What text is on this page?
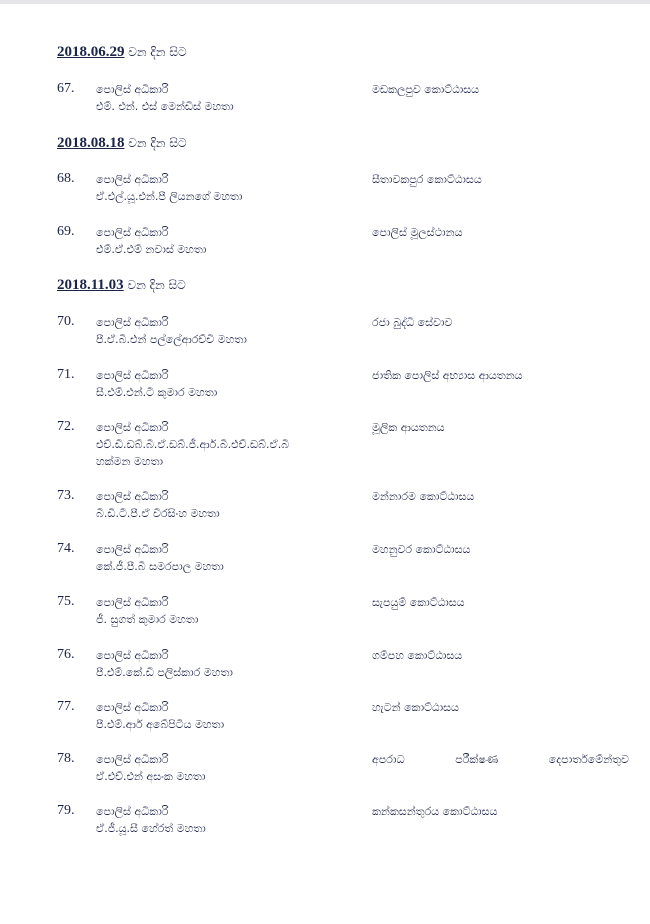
2018.06.29 වන දින සිට
2018.08.18 වන දින සිට
2018.11.03 වන දින සිට
67. පොලිස් අධිකාරි
එම්. එන්. එස් මෙන්ඩිස් මහතා
මඩකලපුව කොට්ඨාසය
68. පොලිස් අධිකාරි
ඒ.එල්.යූ.එන්.පී ලියනගේ මහතා
සීතාවකපුර කොට්ඨාසය
69. පොලිස් අධිකාරි
එම්.ඒ.එම් නවාස් මහතා
පොලිස් මූලස්ථානය
70. පොලිස් අධිකාරි
පී.ඒ.බී.එන් පල්ලේආරච්චි මහතා
රජා බුද්ධි සේවාව
71. පොලිස් අධිකාරි
සී.එම්.එන්.ටී කුමාර මහතා
ජාතික පොලිස් අභ්‍යාස ආයතනය
72. පොලිස් අධිකාරි
එච්.ඩී.ඩබ්.බී.ඒ.ඩබ්.ජී.ආර්.බී.එච්.ඩබ්.ඒ.බී
හක්මන මහතා
මූලික ආයතනය
73. පොලිස් අධිකාරි
බී.ඩී.ටී.පී.ඒ වීරසිංහ මහතා
මන්නාරම කොට්ඨාසය
74. පොලිස් අධිකාරි
කේ.ජී.පී.බී සමරපාල මහතා
මහනුවර කොට්ඨාසය
75. පොලිස් අධිකාරි
ජී. සුගත් කුමාර මහතා
සැපයුම් කොට්ඨාසය
76. පොලිස් අධිකාරි
පී.එම්.කේ.ඩී පලිස්කාර මහතා
ගම්පහ කොට්ඨාසය
77. පොලිස් අධිකාරි
පී.එම්.ආර් අබේපිටිය මහතා
හැටන් කොට්ඨාසය
78. පොලිස් අධිකාරි
ඒ.එච්.එන් අසංක මහතා
අපරාධ	පරීක්ෂණ	දෙපාර්තමේන්තුව
79. පොලිස් අධිකාරි
ඒ.ජී.යූ.සී හේරත් මහතා
කන්කසන්තුරය කොට්ඨාසය
